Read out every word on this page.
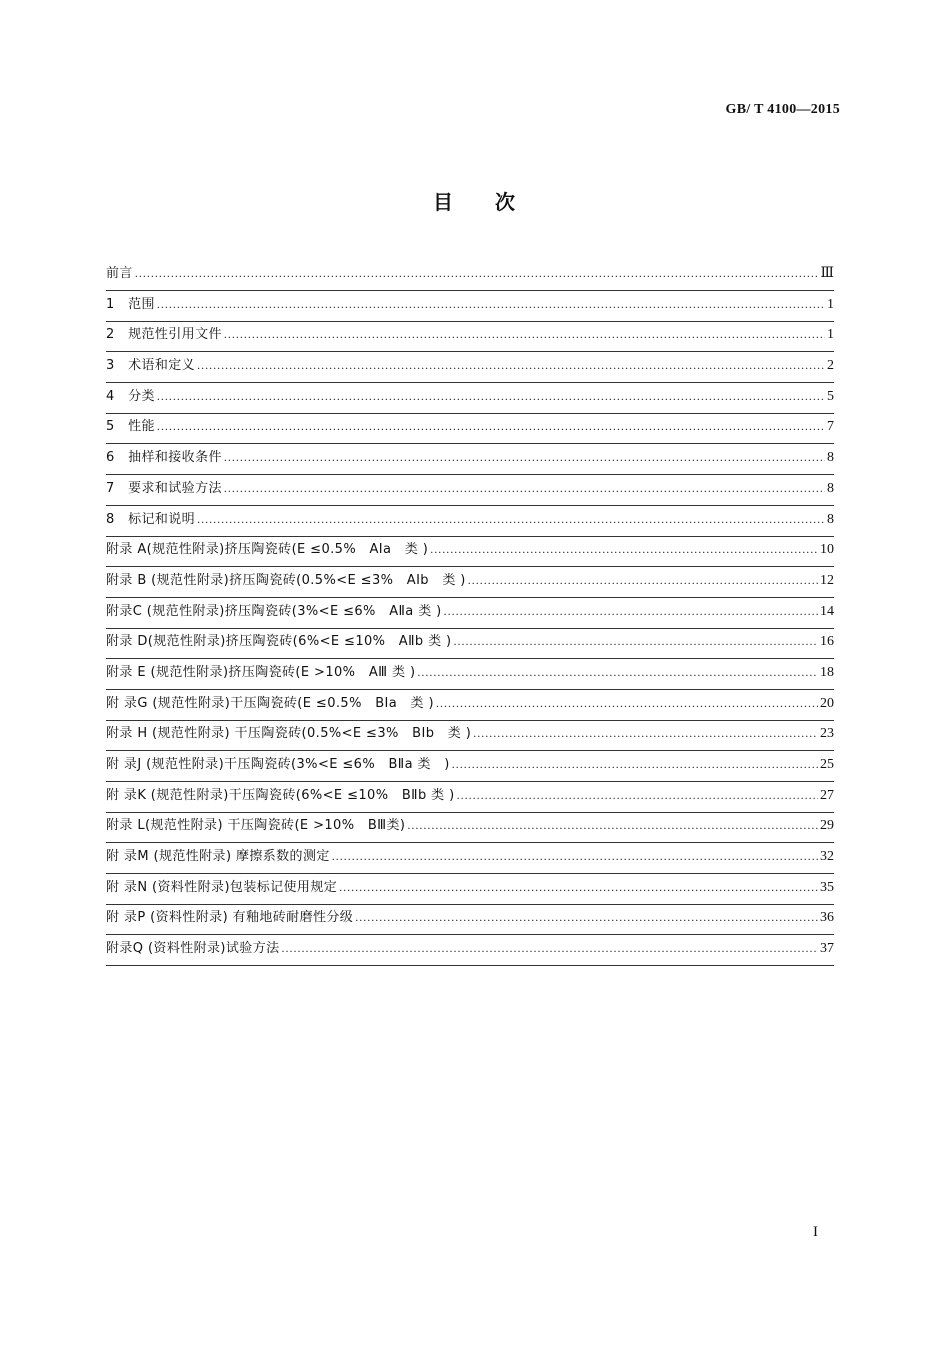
GB/ T 4100—2015
目 次
前言 .....	Ⅲ
1　范围 .....	1
2　规范性引用文件 .....	1
3　术语和定义 .....	2
4　分类 .....	5
5　性能 .....	7
6　抽样和接收条件 .....	8
7　要求和试验方法 .....	8
8　标记和说明 .....	8
附录 A(规范性附录)挤压陶瓷砖(E ≤0.5%　AIa　类 ) .....	10
附录 B (规范性附录)挤压陶瓷砖(0.5%<E ≤3%　AIb　类 ) .....	12
附录C (规范性附录)挤压陶瓷砖(3%<E ≤6%　AⅡa 类 ) .....	14
附录 D(规范性附录)挤压陶瓷砖(6%<E ≤10%　AⅡb 类 ) .....	16
附录 E (规范性附录)挤压陶瓷砖(E >10%　AⅢ 类 ) .....	18
附 录G (规范性附录)干压陶瓷砖(E ≤0.5%　BIa　类 ) .....	20
附录 H (规范性附录) 干压陶瓷砖(0.5%<E ≤3%　BIb　类 ) .....	23
附 录J (规范性附录)干压陶瓷砖(3%<E ≤6%　BⅡa 类　) .....	25
附 录K (规范性附录)干压陶瓷砖(6%<E ≤10%　BⅡb 类 ) .....	27
附录 L(规范性附录) 干压陶瓷砖(E >10%　BⅢ类) .....	29
附 录M (规范性附录) 摩擦系数的测定 .....	32
附 录N (资料性附录)包装标记使用规定 .....	35
附 录P (资料性附录) 有釉地砖耐磨性分级 .....	36
附录Q (资料性附录)试验方法 .....	37
I
